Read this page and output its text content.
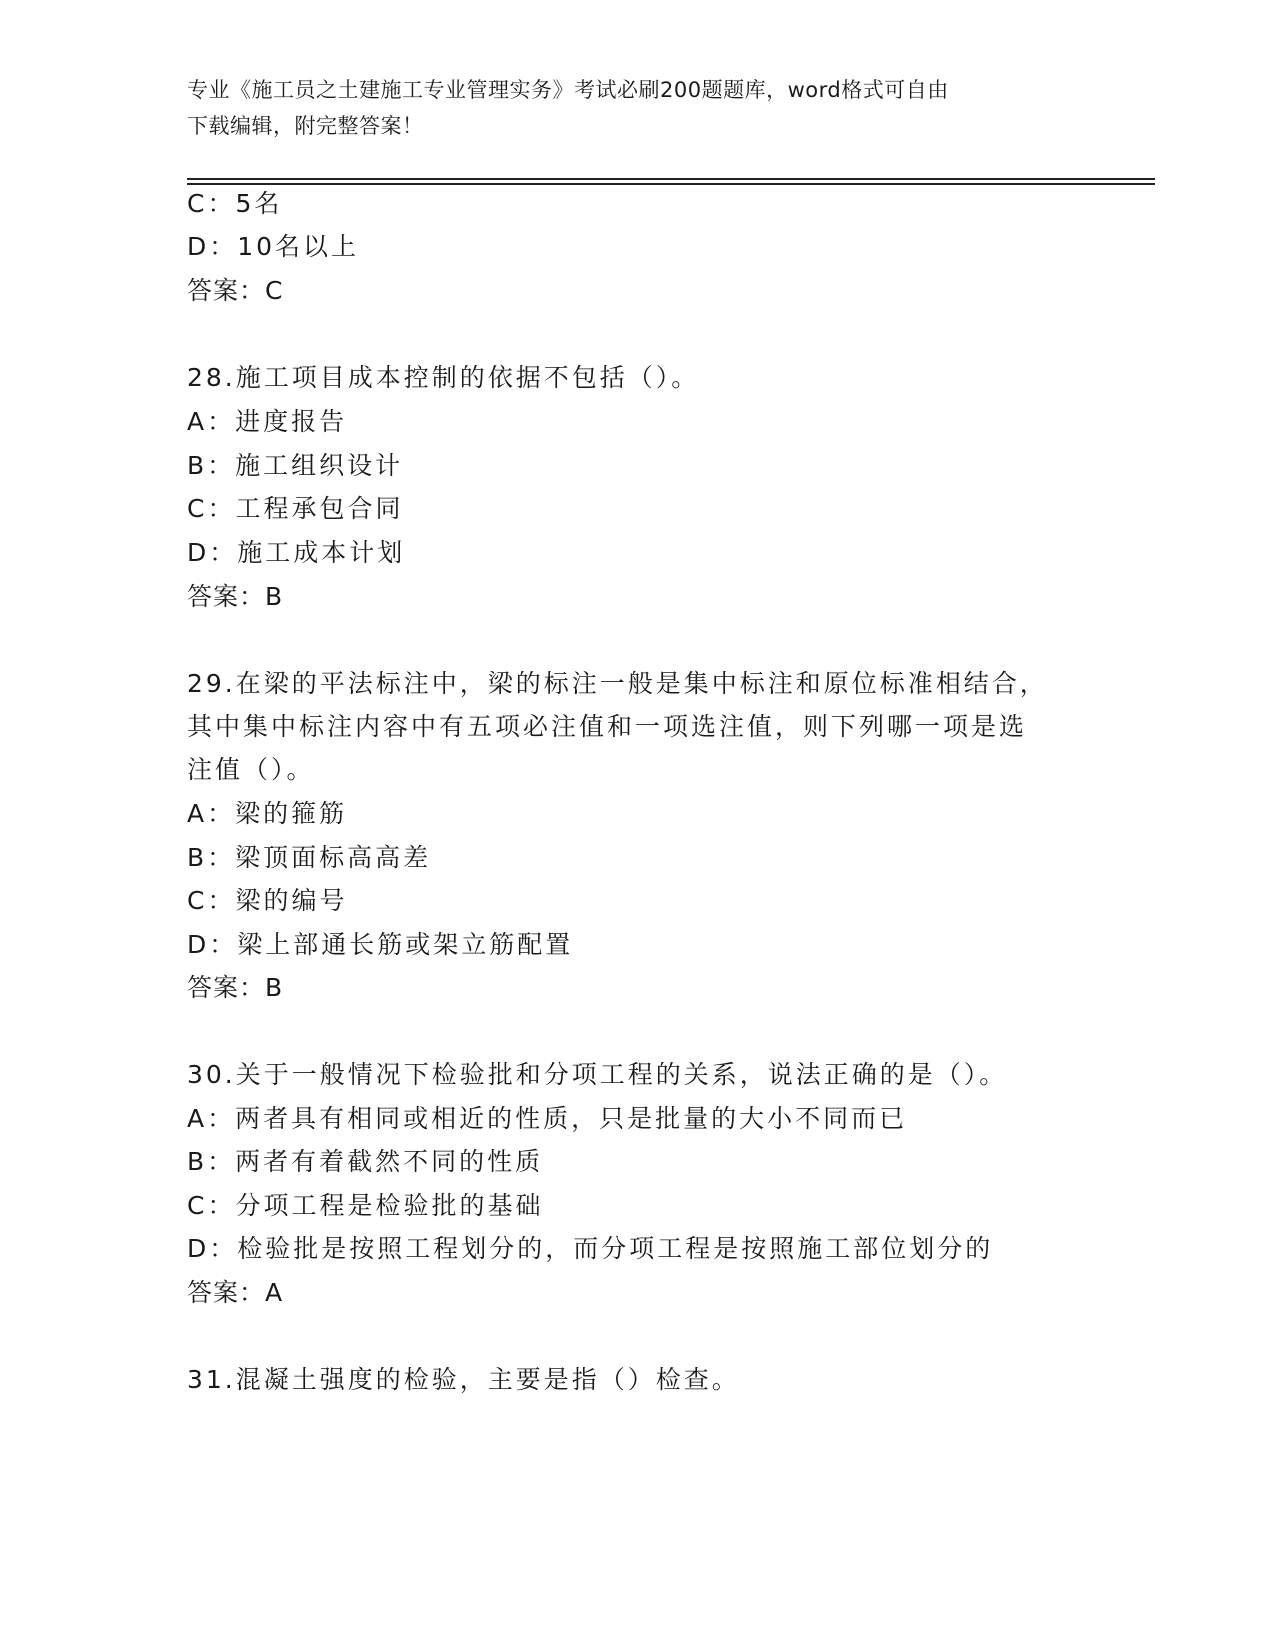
专业《施工员之土建施工专业管理实务》考试必刷200题题库，word格式可自由
下载编辑，附完整答案！
C：5名
D：10名以上
答案：C
28.施工项目成本控制的依据不包括（）。
A：进度报告
B：施工组织设计
C：工程承包合同
D：施工成本计划
答案：B
29.在梁的平法标注中，梁的标注一般是集中标注和原位标准相结合，
其中集中标注内容中有五项必注值和一项选注值，则下列哪一项是选
注值（）。
A：梁的箍筋
B：梁顶面标高高差
C：梁的编号
D：梁上部通长筋或架立筋配置
答案：B
30.关于一般情况下检验批和分项工程的关系，说法正确的是（）。
A：两者具有相同或相近的性质，只是批量的大小不同而已
B：两者有着截然不同的性质
C：分项工程是检验批的基础
D：检验批是按照工程划分的，而分项工程是按照施工部位划分的
答案：A
31.混凝土强度的检验，主要是指（）检查。
